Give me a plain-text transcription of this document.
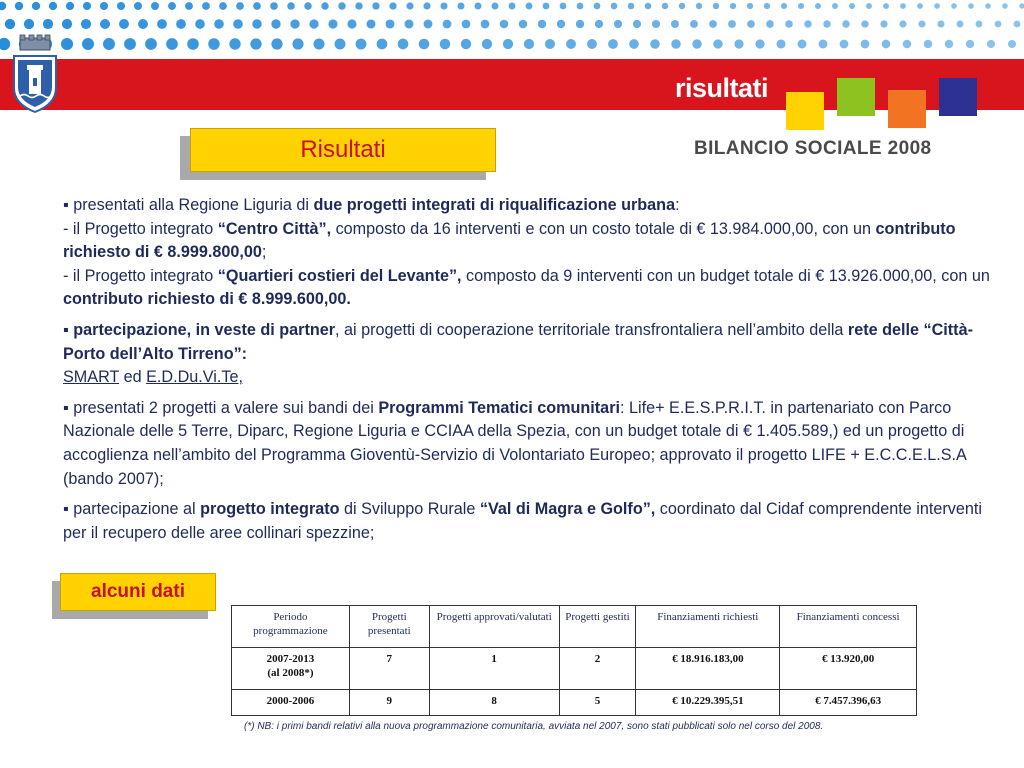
risultati
BILANCIO SOCIALE 2008
Risultati

▪ presentati alla Regione Liguria di due progetti integrati di riqualificazione urbana:
- il Progetto integrato “Centro Città”, composto da 16 interventi e con un costo totale di € 13.984.000,00, con un contributo richiesto di € 8.999.800,00;
- il Progetto integrato “Quartieri costieri del Levante”, composto da 9 interventi con un budget totale di € 13.926.000,00, con un contributo richiesto di € 8.999.600,00.

▪ partecipazione, in veste di partner, ai progetti di cooperazione territoriale transfrontaliera nell’ambito della rete delle “Città-Porto dell’Alto Tirreno”:
SMART ed E.D.Du.Vi.Te,

▪ presentati 2 progetti a valere sui bandi dei Programmi Tematici comunitari: Life+ E.E.S.P.R.I.T. in partenariato con Parco Nazionale delle 5 Terre, Diparc, Regione Liguria e CCIAA della Spezia, con un budget totale di € 1.405.589,) ed un progetto di accoglienza nell’ambito del Programma Gioventù-Servizio di Volontariato Europeo; approvato il progetto LIFE + E.C.C.E.L.S.A (bando 2007);

▪ partecipazione al progetto integrato di Sviluppo Rurale “Val di Magra e Golfo”, coordinato dal Cidaf comprendente interventi per il recupero delle aree collinari spezzine;

alcuni dati
Periodo programmazione	Progetti presentati	Progetti approvati/valutati	Progetti gestiti	Finanziamenti richiesti	Finanziamenti concessi
2007-2013
(al 2008*)	7	1	2	€ 18.916.183,00	€ 13.920,00
2000-2006	9	8	5	€ 10.229.395,51	€ 7.457.396,63
(*) NB: i primi bandi relativi alla nuova programmazione comunitaria, avviata nel 2007, sono stati pubblicati solo nel corso del 2008.
